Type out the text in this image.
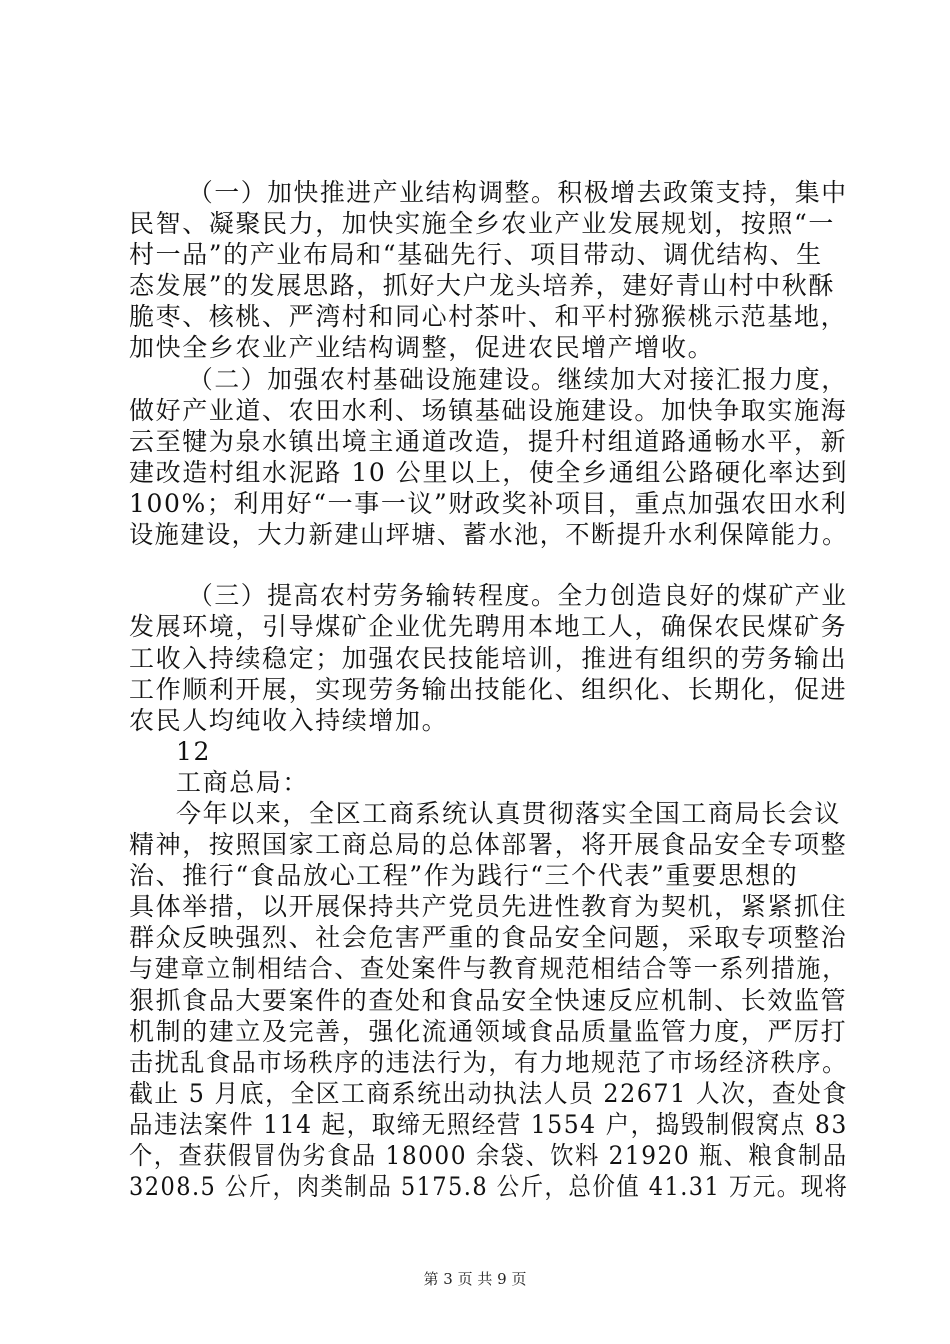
（一）加快推进产业结构调整。积极增去政策支持，集中
民智、凝聚民力，加快实施全乡农业产业发展规划，按照“一
村一品”的产业布局和“基础先行、项目带动、调优结构、生
态发展”的发展思路，抓好大户龙头培养，建好青山村中秋酥
脆枣、核桃、严湾村和同心村茶叶、和平村猕猴桃示范基地，
加快全乡农业产业结构调整，促进农民增产增收。
（二）加强农村基础设施建设。继续加大对接汇报力度，
做好产业道、农田水利、场镇基础设施建设。加快争取实施海
云至犍为泉水镇出境主通道改造，提升村组道路通畅水平，新
建改造村组水泥路 10 公里以上，使全乡通组公路硬化率达到
100%；利用好“一事一议”财政奖补项目，重点加强农田水利
设施建设，大力新建山坪塘、蓄水池，不断提升水利保障能力。
（三）提高农村劳务输转程度。全力创造良好的煤矿产业
发展环境，引导煤矿企业优先聘用本地工人，确保农民煤矿务
工收入持续稳定；加强农民技能培训，推进有组织的劳务输出
工作顺利开展，实现劳务输出技能化、组织化、长期化，促进
农民人均纯收入持续增加。
12
工商总局：
今年以来，全区工商系统认真贯彻落实全国工商局长会议
精神，按照国家工商总局的总体部署，将开展食品安全专项整
治、推行“食品放心工程”作为践行“三个代表”重要思想的
具体举措，以开展保持共产党员先进性教育为契机，紧紧抓住
群众反映强烈、社会危害严重的食品安全问题，采取专项整治
与建章立制相结合、查处案件与教育规范相结合等一系列措施，
狠抓食品大要案件的查处和食品安全快速反应机制、长效监管
机制的建立及完善，强化流通领域食品质量监管力度，严厉打
击扰乱食品市场秩序的违法行为，有力地规范了市场经济秩序。
截止 5 月底，全区工商系统出动执法人员 22671 人次，查处食
品违法案件 114 起，取缔无照经营 1554 户，捣毁制假窝点 83
个，查获假冒伪劣食品 18000 余袋、饮料 21920 瓶、粮食制品
3208.5 公斤，肉类制品 5175.8 公斤，总价值 41.31 万元。现将
第 3 页 共 9 页
